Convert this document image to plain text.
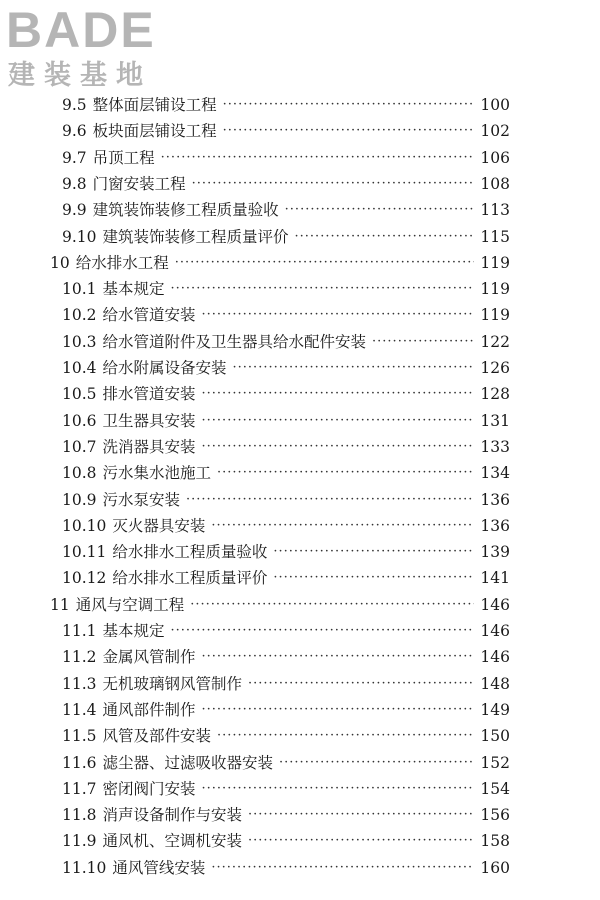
BADE
建装基地
9.5 整体面层铺设工程 ·····	100
9.6 板块面层铺设工程 ·····	102
9.7 吊顶工程 ·····	106
9.8 门窗安装工程 ·····	108
9.9 建筑装饰装修工程质量验收 ·····	113
9.10 建筑装饰装修工程质量评价 ·····	115
10 给水排水工程 ·····	119
10.1 基本规定 ·····	119
10.2 给水管道安装 ·····	119
10.3 给水管道附件及卫生器具给水配件安装 ·····	122
10.4 给水附属设备安装 ·····	126
10.5 排水管道安装 ·····	128
10.6 卫生器具安装 ·····	131
10.7 洗消器具安装 ·····	133
10.8 污水集水池施工 ·····	134
10.9 污水泵安装 ·····	136
10.10 灭火器具安装 ·····	136
10.11 给水排水工程质量验收 ·····	139
10.12 给水排水工程质量评价 ·····	141
11 通风与空调工程 ·····	146
11.1 基本规定 ·····	146
11.2 金属风管制作 ·····	146
11.3 无机玻璃钢风管制作 ·····	148
11.4 通风部件制作 ·····	149
11.5 风管及部件安装 ·····	150
11.6 滤尘器、过滤吸收器安装 ·····	152
11.7 密闭阀门安装 ·····	154
11.8 消声设备制作与安装 ·····	156
11.9 通风机、空调机安装 ·····	158
11.10 通风管线安装 ·····	160
